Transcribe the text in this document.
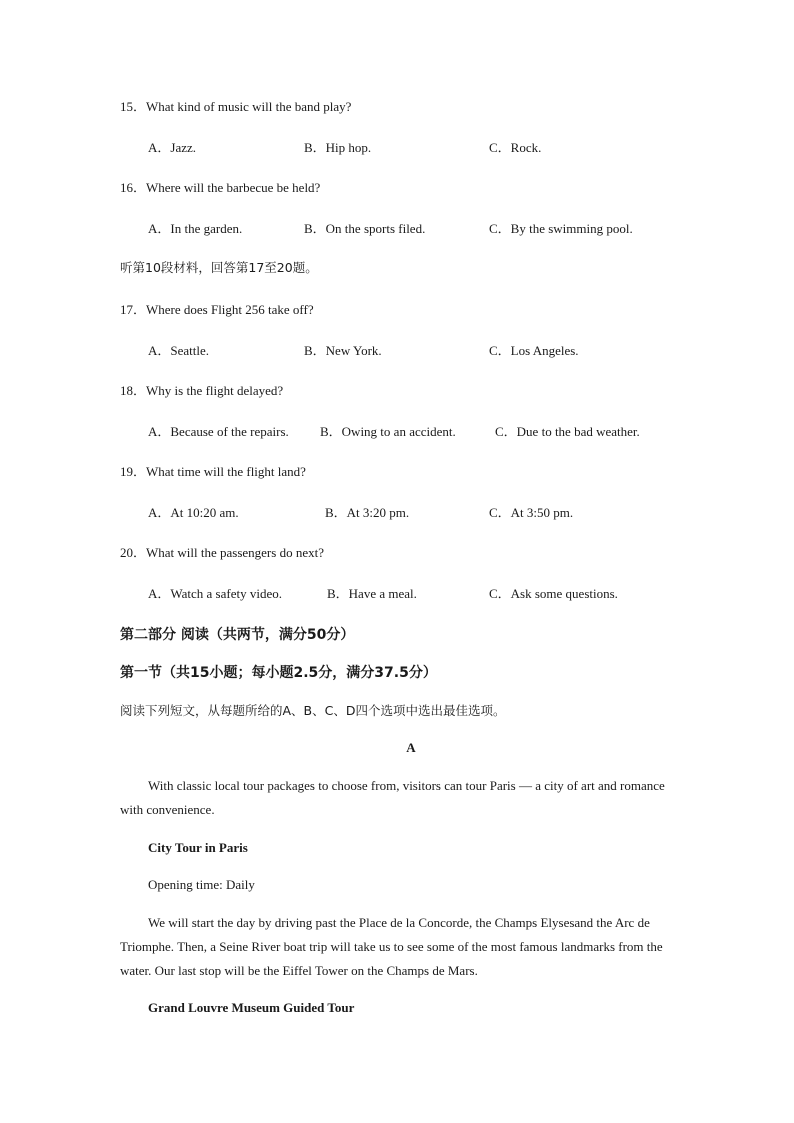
15．What kind of music will the band play?
A．Jazz.	B．Hip hop.	C．Rock.
16．Where will the barbecue be held?
A．In the garden.	B．On the sports filed.	C．By the swimming pool.
听第10段材料，回答第17至20题。
17．Where does Flight 256 take off?
A．Seattle.	B．New York.	C．Los Angeles.
18．Why is the flight delayed?
A．Because of the repairs. B．Owing to an accident.	C．Due to the bad weather.
19．What time will the flight land?
A．At 10:20 am.	B．At 3:20 pm.	C．At 3:50 pm.
20．What will the passengers do next?
A．Watch a safety video.	B．Have a meal.	C．Ask some questions.
第二部分 阅读（共两节，满分50分）
第一节（共15小题；每小题2.5分，满分37.5分）
阅读下列短文，从每题所给的A、B、C、D四个选项中选出最佳选项。
A
With classic local tour packages to choose from, visitors can tour Paris — a city of art and romance with convenience.
City Tour in Paris
Opening time: Daily
We will start the day by driving past the Place de la Concorde, the Champs Elysesand the Arc de Triomphe. Then, a Seine River boat trip will take us to see some of the most famous landmarks from the water. Our last stop will be the Eiffel Tower on the Champs de Mars.
Grand Louvre Museum Guided Tour
